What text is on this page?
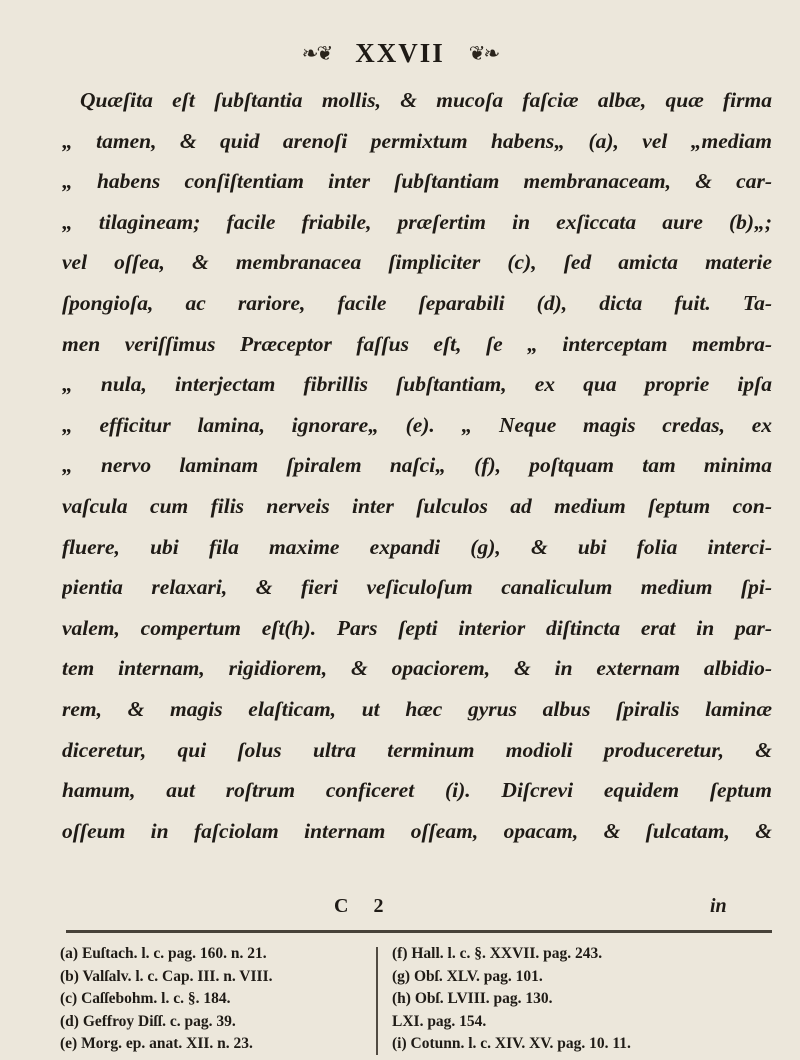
❧❦ XXVII ❦❧
Quæſita eſt ſubſtantia mollis, & mucoſa faſciæ albæ, quæ firma
„ tamen, & quid arenoſi permixtum habens„ (a), vel „mediam
„ habens conſiſtentiam inter ſubſtantiam membranaceam, & car-
„ tilagineam; facile friabile, præſertim in exſiccata aure (b)„;
vel oſſea, & membranacea ſimpliciter (c), ſed amicta materie
ſpongioſa, ac rariore, facile ſeparabili (d), dicta fuit. Ta-
men veriſſimus Præceptor faſſus eſt, ſe „ interceptam membra-
„ nula, interjectam fibrillis ſubſtantiam, ex qua proprie ipſa
„ efficitur lamina, ignorare„ (e). „ Neque magis credas, ex
„ nervo laminam ſpiralem naſci„ (f), poſtquam tam minima
vaſcula cum filis nerveis inter ſulculos ad medium ſeptum con-
fluere, ubi fila maxime expandi (g), & ubi folia interci-
pientia relaxari, & fieri veſiculoſum canaliculum medium ſpi-
valem, compertum eſt(h). Pars ſepti interior diſtincta erat in par-
tem internam, rigidiorem, & opaciorem, & in externam albidio-
rem, & magis elaſticam, ut hæc gyrus albus ſpiralis laminæ
diceretur, qui ſolus ultra terminum modioli produceretur, &
hamum, aut roſtrum conficeret (i). Diſcrevi equidem ſeptum
oſſeum in faſciolam internam oſſeam, opacam, & ſulcatam, &
C 2	in
(a) Euſtach. l. c. pag. 160. n. 21.
(b) Valſalv. l. c. Cap. III. n. VIII.
(c) Caſſebohm. l. c. §. 184.
(d) Geffroy Diſſ. c. pag. 39.
(e) Morg. ep. anat. XII. n. 23.
(f) Hall. l. c. §. XXVII. pag. 243.
(g) Obſ. XLV. pag. 101.
(h) Obſ. LVIII. pag. 130.
LXI. pag. 154.
(i) Cotunn. l. c. XIV. XV. pag. 10. 11.
